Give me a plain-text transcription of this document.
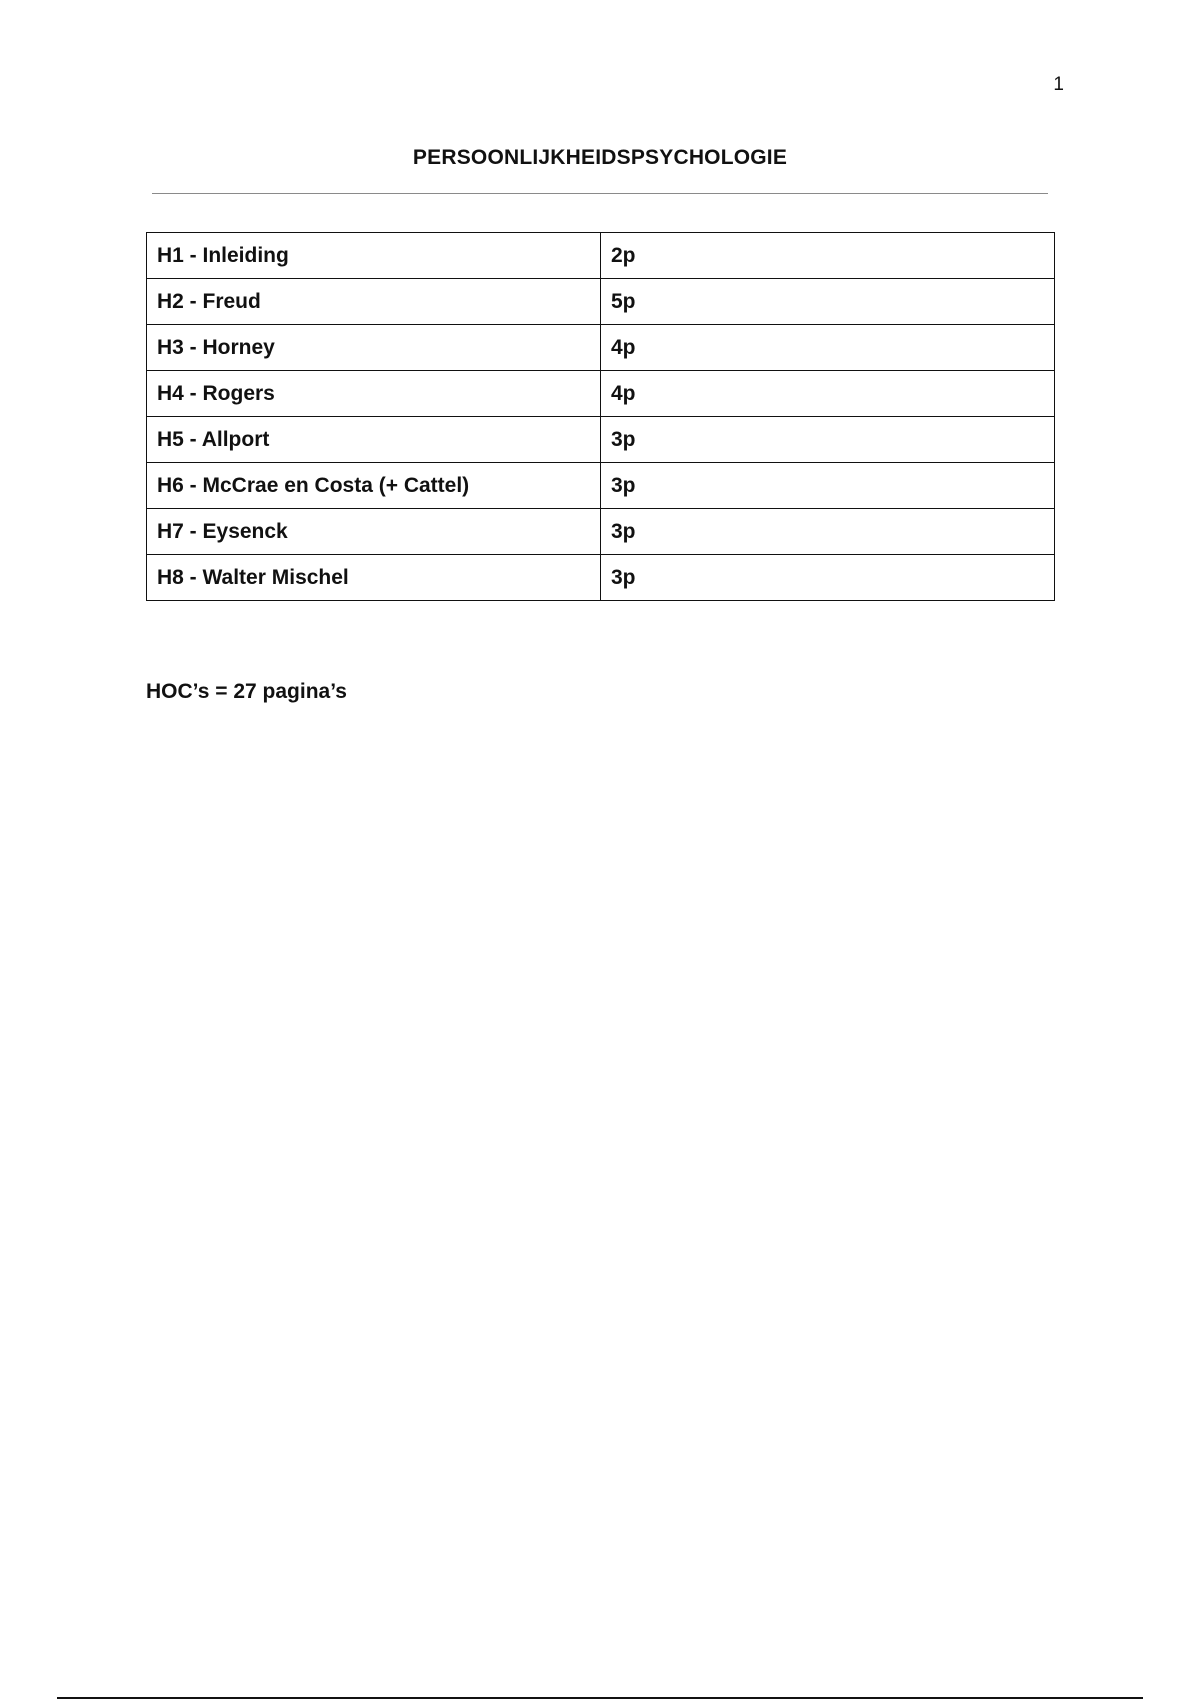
1
PERSOONLIJKHEIDSPSYCHOLOGIE
H1 - Inleiding	2p
H2 - Freud	5p
H3 - Horney	4p
H4 - Rogers	4p
H5 - Allport	3p
H6 - McCrae en Costa (+ Cattel)	3p
H7 - Eysenck	3p
H8 - Walter Mischel	3p
HOC’s = 27 pagina’s
